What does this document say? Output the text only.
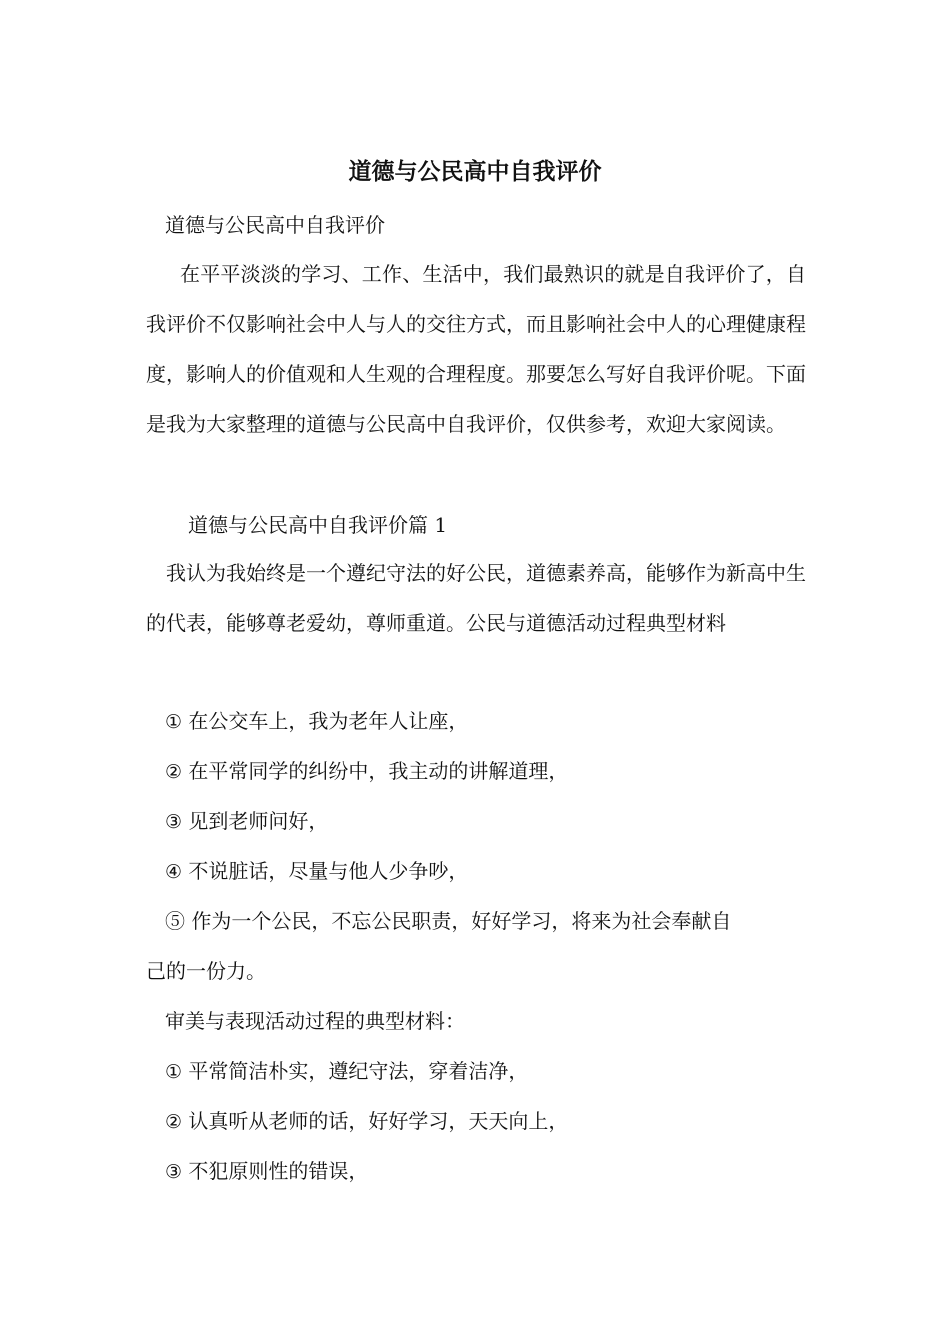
道德与公民高中自我评价
道德与公民高中自我评价

在平平淡淡的学习、工作、生活中，我们最熟识的就是自我评价了，自我评价不仅影响社会中人与人的交往方式，而且影响社会中人的心理健康程度，影响人的价值观和人生观的合理程度。那要怎么写好自我评价呢。下面是我为大家整理的道德与公民高中自我评价，仅供参考，欢迎大家阅读。

道德与公民高中自我评价篇 1

我认为我始终是一个遵纪守法的好公民，道德素养高，能够作为新高中生的代表，能够尊老爱幼，尊师重道。公民与道德活动过程典型材料

① 在公交车上，我为老年人让座，
② 在平常同学的纠纷中，我主动的讲解道理，
③ 见到老师问好，
④ 不说脏话，尽量与他人少争吵，
⑤ 作为一个公民，不忘公民职责，好好学习，将来为社会奉献自
己的一份力。
审美与表现活动过程的典型材料：
① 平常简洁朴实，遵纪守法，穿着洁净，
② 认真听从老师的话，好好学习，天天向上，
③ 不犯原则性的错误，
